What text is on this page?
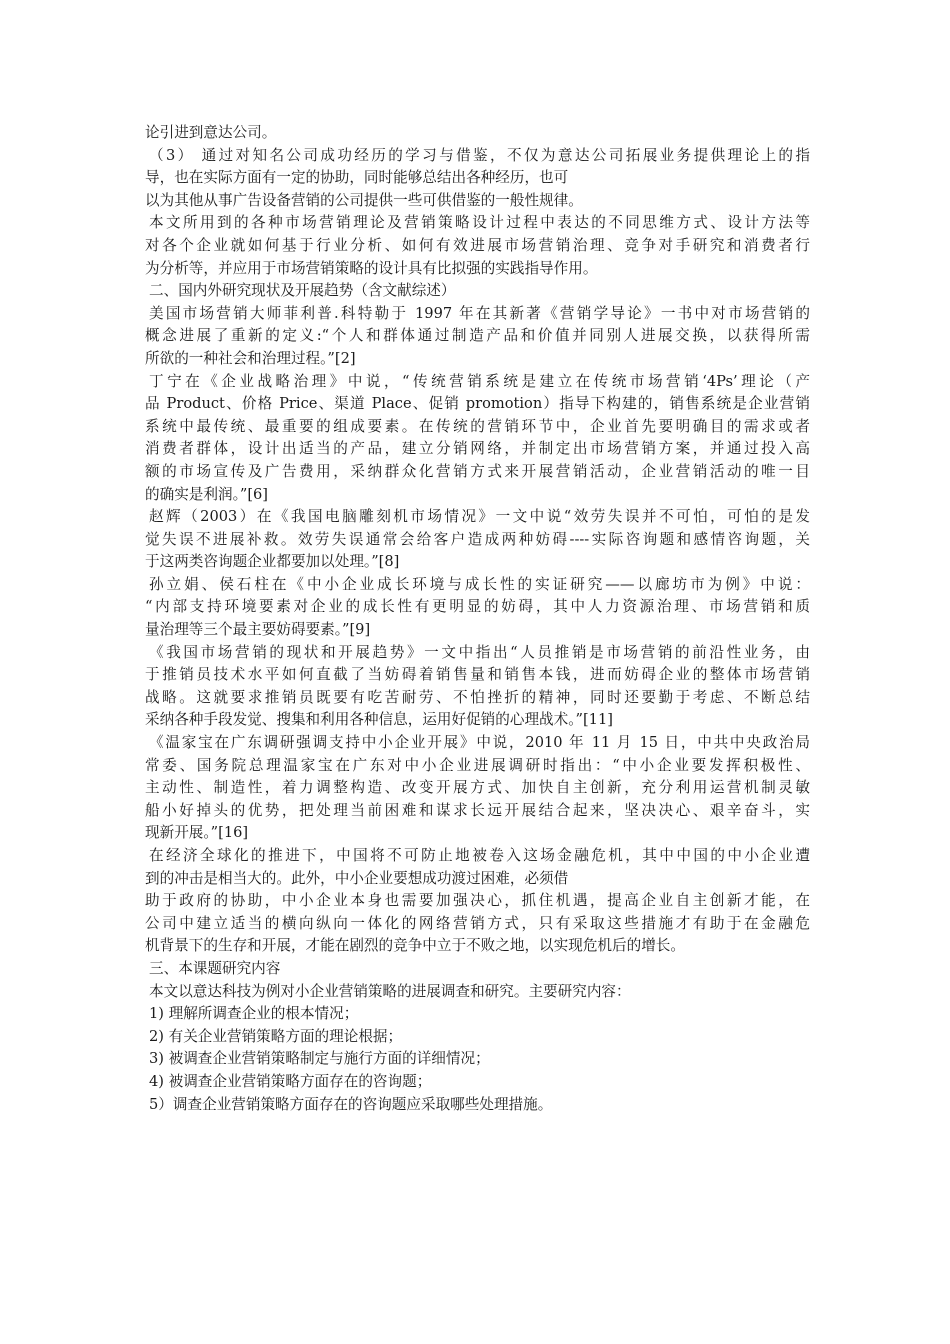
论引进到意达公司。
（3） 通过对知名公司成功经历的学习与借鉴，不仅为意达公司拓展业务提供理论上的指
导，也在实际方面有一定的协助，同时能够总结出各种经历，也可
以为其他从事广告设备营销的公司提供一些可供借鉴的一般性规律。
本文所用到的各种市场营销理论及营销策略设计过程中表达的不同思维方式、设计方法等
对各个企业就如何基于行业分析、如何有效进展市场营销治理、竞争对手研究和消费者行
为分析等，并应用于市场营销策略的设计具有比拟强的实践指导作用。
二、国内外研究现状及开展趋势（含文献综述）
美国市场营销大师菲利普.科特勒于 1997 年在其新著《营销学导论》一书中对市场营销的
概念进展了重新的定义:“个人和群体通过制造产品和价值并同别人进展交换，以获得所需
所欲的一种社会和治理过程。”[2]
丁宁在《企业战略治理》中说，“传统营销系统是建立在传统市场营销‘4Ps’理论（产
品 Product、价格 Price、渠道 Place、促销 promotion）指导下构建的，销售系统是企业营销
系统中最传统、最重要的组成要素。在传统的营销环节中，企业首先要明确目的需求或者
消费者群体，设计出适当的产品，建立分销网络，并制定出市场营销方案，并通过投入高
额的市场宣传及广告费用，采纳群众化营销方式来开展营销活动，企业营销活动的唯一目
的确实是利润。”[6]
赵辉（2003）在《我国电脑雕刻机市场情况》一文中说“效劳失误并不可怕，可怕的是发
觉失误不进展补救。效劳失误通常会给客户造成两种妨碍----实际咨询题和感情咨询题，关
于这两类咨询题企业都要加以处理。”[8]
孙立娟、侯石柱在《中小企业成长环境与成长性的实证研究——以廊坊市为例》中说：
“内部支持环境要素对企业的成长性有更明显的妨碍，其中人力资源治理、市场营销和质
量治理等三个最主要妨碍要素。”[9]
《我国市场营销的现状和开展趋势》一文中指出“人员推销是市场营销的前沿性业务，由
于推销员技术水平如何直截了当妨碍着销售量和销售本钱，进而妨碍企业的整体市场营销
战略。这就要求推销员既要有吃苦耐劳、不怕挫折的精神，同时还要勤于考虑、不断总结
采纳各种手段发觉、搜集和利用各种信息，运用好促销的心理战术。”[11]
《温家宝在广东调研强调支持中小企业开展》中说，2010 年 11 月 15 日，中共中央政治局
常委、国务院总理温家宝在广东对中小企业进展调研时指出：“中小企业要发挥积极性、
主动性、制造性，着力调整构造、改变开展方式、加快自主创新，充分利用运营机制灵敏
船小好掉头的优势，把处理当前困难和谋求长远开展结合起来，坚决决心、艰辛奋斗，实
现新开展。”[16]
在经济全球化的推进下，中国将不可防止地被卷入这场金融危机，其中中国的中小企业遭
到的冲击是相当大的。此外，中小企业要想成功渡过困难，必须借
助于政府的协助，中小企业本身也需要加强决心，抓住机遇，提高企业自主创新才能，在
公司中建立适当的横向纵向一体化的网络营销方式，只有采取这些措施才有助于在金融危
机背景下的生存和开展，才能在剧烈的竞争中立于不败之地，以实现危机后的增长。
三、本课题研究内容
本文以意达科技为例对小企业营销策略的进展调查和研究。主要研究内容：
1) 理解所调查企业的根本情况；
2) 有关企业营销策略方面的理论根据；
3) 被调查企业营销策略制定与施行方面的详细情况；
4) 被调查企业营销策略方面存在的咨询题；
5）调查企业营销策略方面存在的咨询题应采取哪些处理措施。
